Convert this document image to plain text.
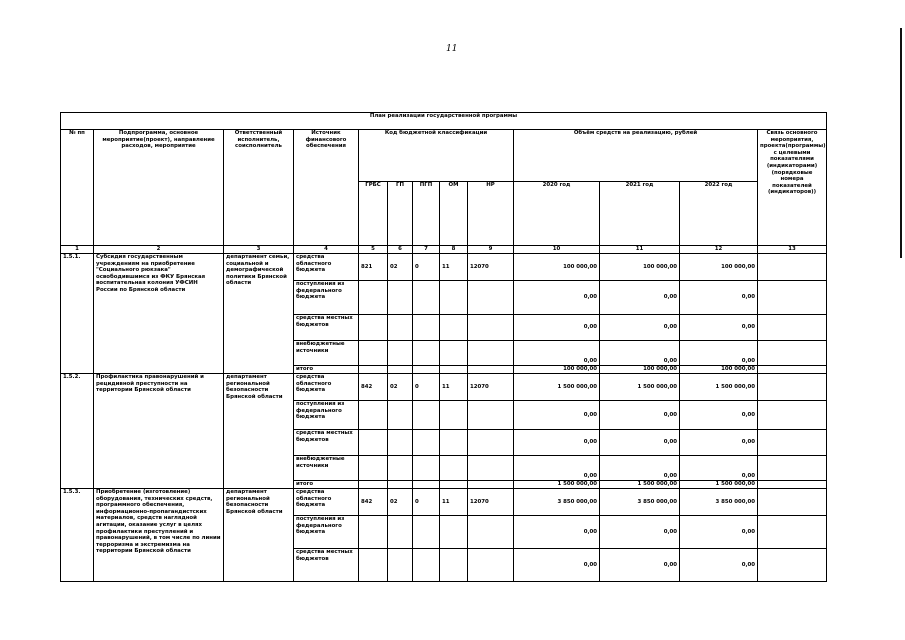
11
План реализации государственной программы												
№ пп	Подпрограмма, основное мероприятие(проект), направление расходов, мероприятие	Ответственный исполнитель, соисполнитель	Источник финансового обеспечения	Код бюджетной классификации					Объём средств на реализацию, рублей			Связь основного мероприятия, проекта(программы) с целевыми показателями (индикаторами) (порядковые номера показателей (индикаторов))
				ГРБС	ГП	ПГП	ОМ	НР	2020 год	2021 год	2022 год	
1	2	3	4	5	6	7	8	9	10	11	12	13
1.5.1.	Субсидия государственным учреждениям на приобретение "Социального рюкзака" освободившимся из ФКУ Брянская воспитательная колония УФСИН России по Брянской области	департамент семьи, социальной и демографической политики Брянской области	средства областного бюджета	821	02	0	11	12070	100 000,00	100 000,00	100 000,00	
			поступления из федерального бюджета						0,00	0,00	0,00	
			средства местных бюджетов						0,00	0,00	0,00	
			внебюджетные источники						0,00	0,00	0,00	
			итого						100 000,00	100 000,00	100 000,00	
1.5.2.	Профилактика правонарушений и рецидивной преступности на территории Брянской области	департамент региональной безопасности Брянской области	средства областного бюджета	842	02	0	11	12070	1 500 000,00	1 500 000,00	1 500 000,00	
			поступления из федерального бюджета						0,00	0,00	0,00	
			средства местных бюджетов						0,00	0,00	0,00	
			внебюджетные источники						0,00	0,00	0,00	
			итого						1 500 000,00	1 500 000,00	1 500 000,00	
1.5.3.	Приобретение (изготовление) оборудования, технических средств, программного обеспечения, информационно-пропагандистских материалов, средств наглядной агитации, оказание услуг в целях профилактики преступлений и правонарушений, в том числе по линии терроризма и экстремизма на территории Брянской области	департамент региональной безопасности Брянской области	средства областного бюджета	842	02	0	11	12070	3 850 000,00	3 850 000,00	3 850 000,00	
			поступления из федерального бюджета						0,00	0,00	0,00	
			средства местных бюджетов						0,00	0,00	0,00	
